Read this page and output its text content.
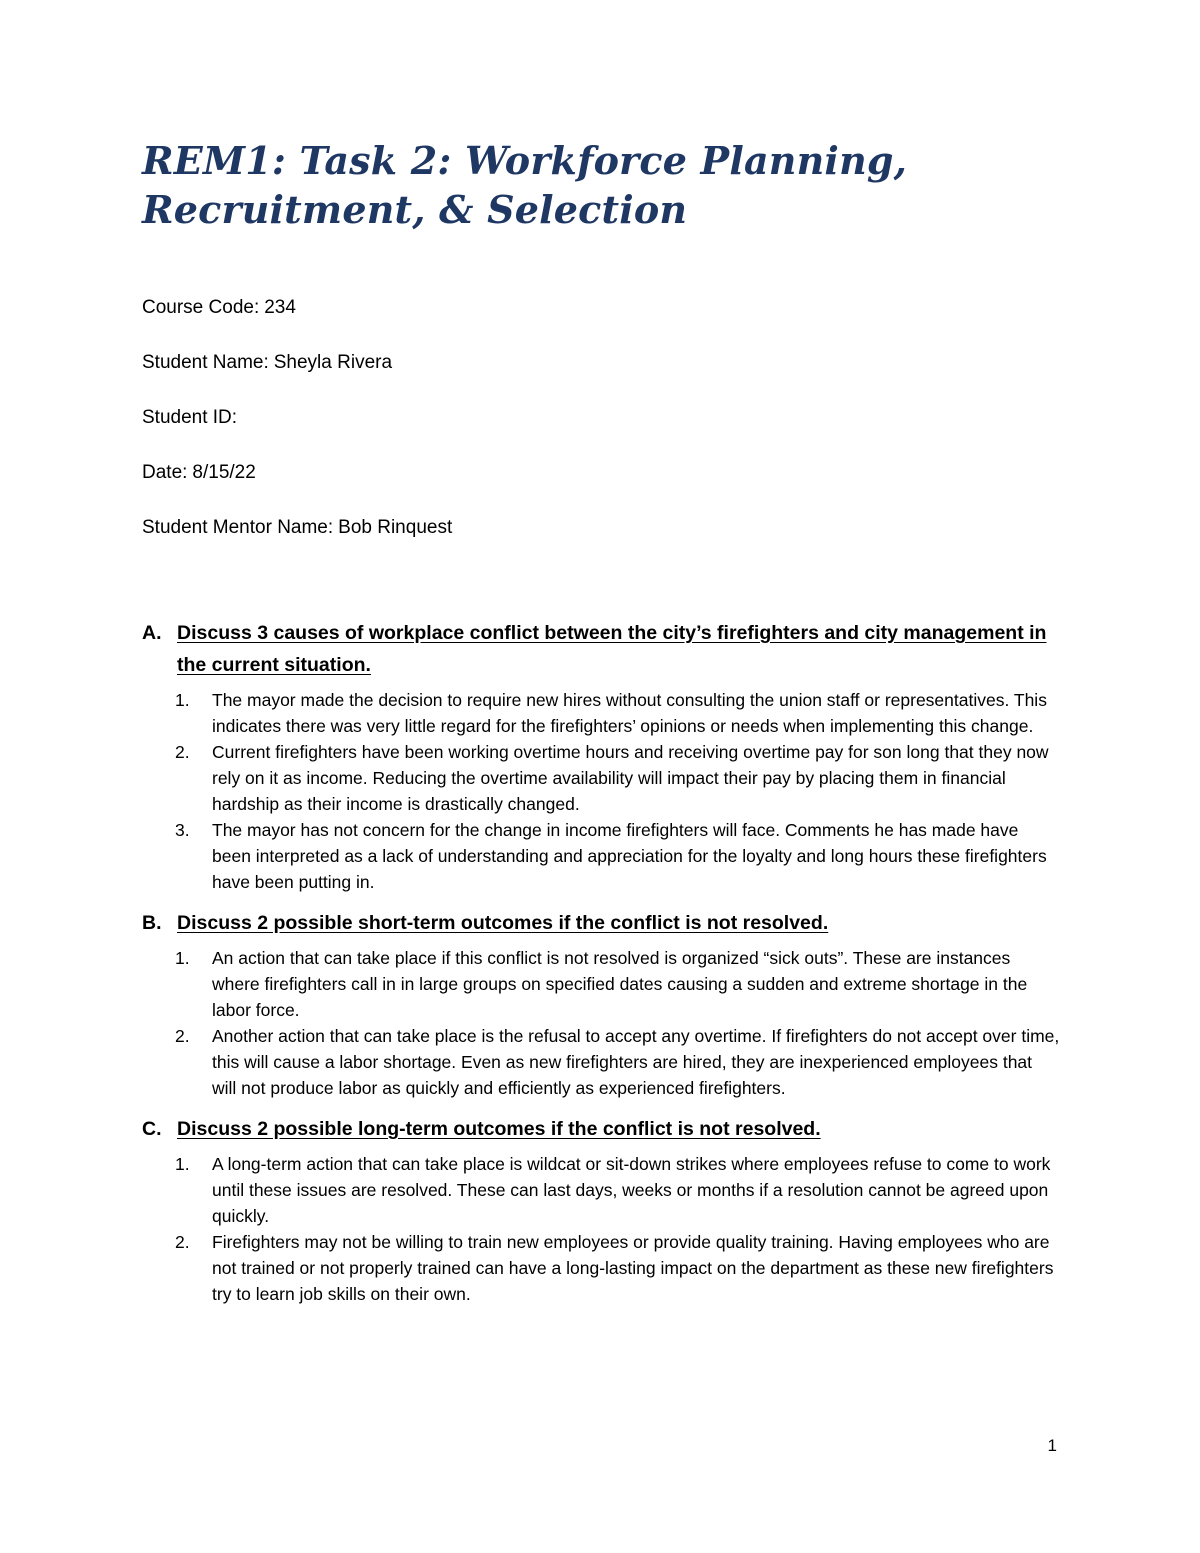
REM1: Task 2: Workforce Planning, Recruitment, & Selection
Course Code: 234
Student Name: Sheyla Rivera
Student ID:
Date: 8/15/22
Student Mentor Name: Bob Rinquest
A. Discuss 3 causes of workplace conflict between the city’s firefighters and city management in the current situation.
1. The mayor made the decision to require new hires without consulting the union staff or representatives. This indicates there was very little regard for the firefighters’ opinions or needs when implementing this change.
2. Current firefighters have been working overtime hours and receiving overtime pay for son long that they now rely on it as income. Reducing the overtime availability will impact their pay by placing them in financial hardship as their income is drastically changed.
3. The mayor has not concern for the change in income firefighters will face. Comments he has made have been interpreted as a lack of understanding and appreciation for the loyalty and long hours these firefighters have been putting in.
B. Discuss 2 possible short-term outcomes if the conflict is not resolved.
1. An action that can take place if this conflict is not resolved is organized “sick outs”. These are instances where firefighters call in in large groups on specified dates causing a sudden and extreme shortage in the labor force.
2. Another action that can take place is the refusal to accept any overtime. If firefighters do not accept over time, this will cause a labor shortage. Even as new firefighters are hired, they are inexperienced employees that will not produce labor as quickly and efficiently as experienced firefighters.
C. Discuss 2 possible long-term outcomes if the conflict is not resolved.
1. A long-term action that can take place is wildcat or sit-down strikes where employees refuse to come to work until these issues are resolved. These can last days, weeks or months if a resolution cannot be agreed upon quickly.
2. Firefighters may not be willing to train new employees or provide quality training. Having employees who are not trained or not properly trained can have a long-lasting impact on the department as these new firefighters try to learn job skills on their own.
1
